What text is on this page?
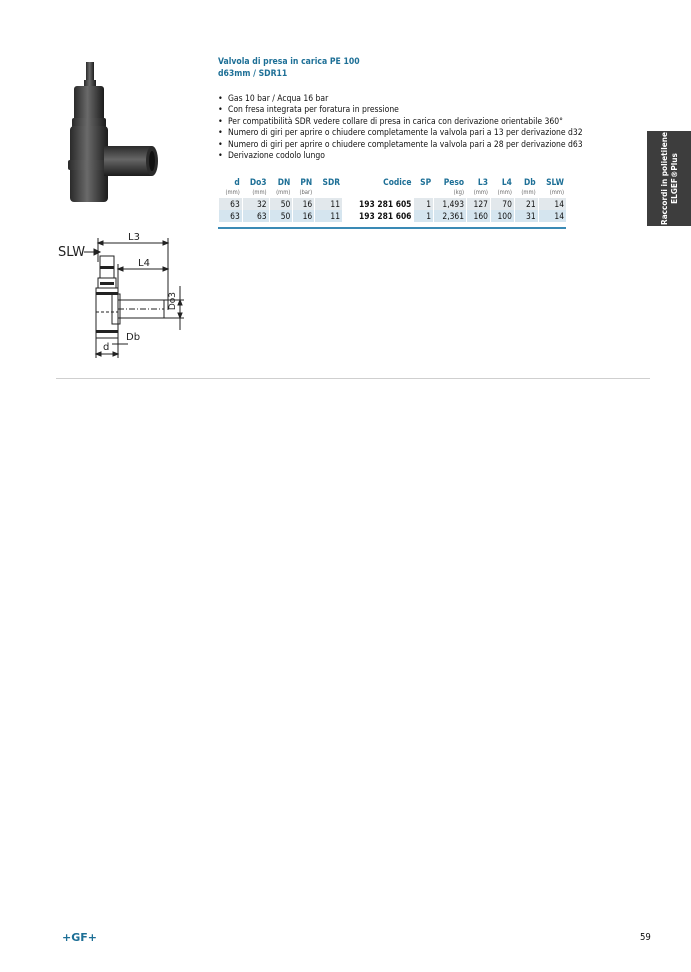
SLW
L3
L4
Do3
Db
d
Valvola di presa in carica PE 100
d63mm / SDR11
• Gas 10 bar / Acqua 16 bar
• Con fresa integrata per foratura in pressione
• Per compatibilità SDR vedere collare di presa in carica con derivazione orientabile 360°
• Numero di giri per aprire o chiudere completamente la valvola pari a 13 per derivazione d32
• Numero di giri per aprire o chiudere completamente la valvola pari a 28 per derivazione d63
• Derivazione codolo lungo
d	Do3	DN	PN	SDR	Codice	SP	Peso	L3	L4	Db	SLW
(mm)	(mm)	(mm)	(bar)				(kg)	(mm)	(mm)	(mm)	(mm)
63	32	50	16	11	193 281 605	1	1,493	127	70	21	14
63	63	50	16	11	193 281 606	1	2,361	160	100	31	14	Raccordi in polietilene
ELGEF®Plus
+GF+	59
